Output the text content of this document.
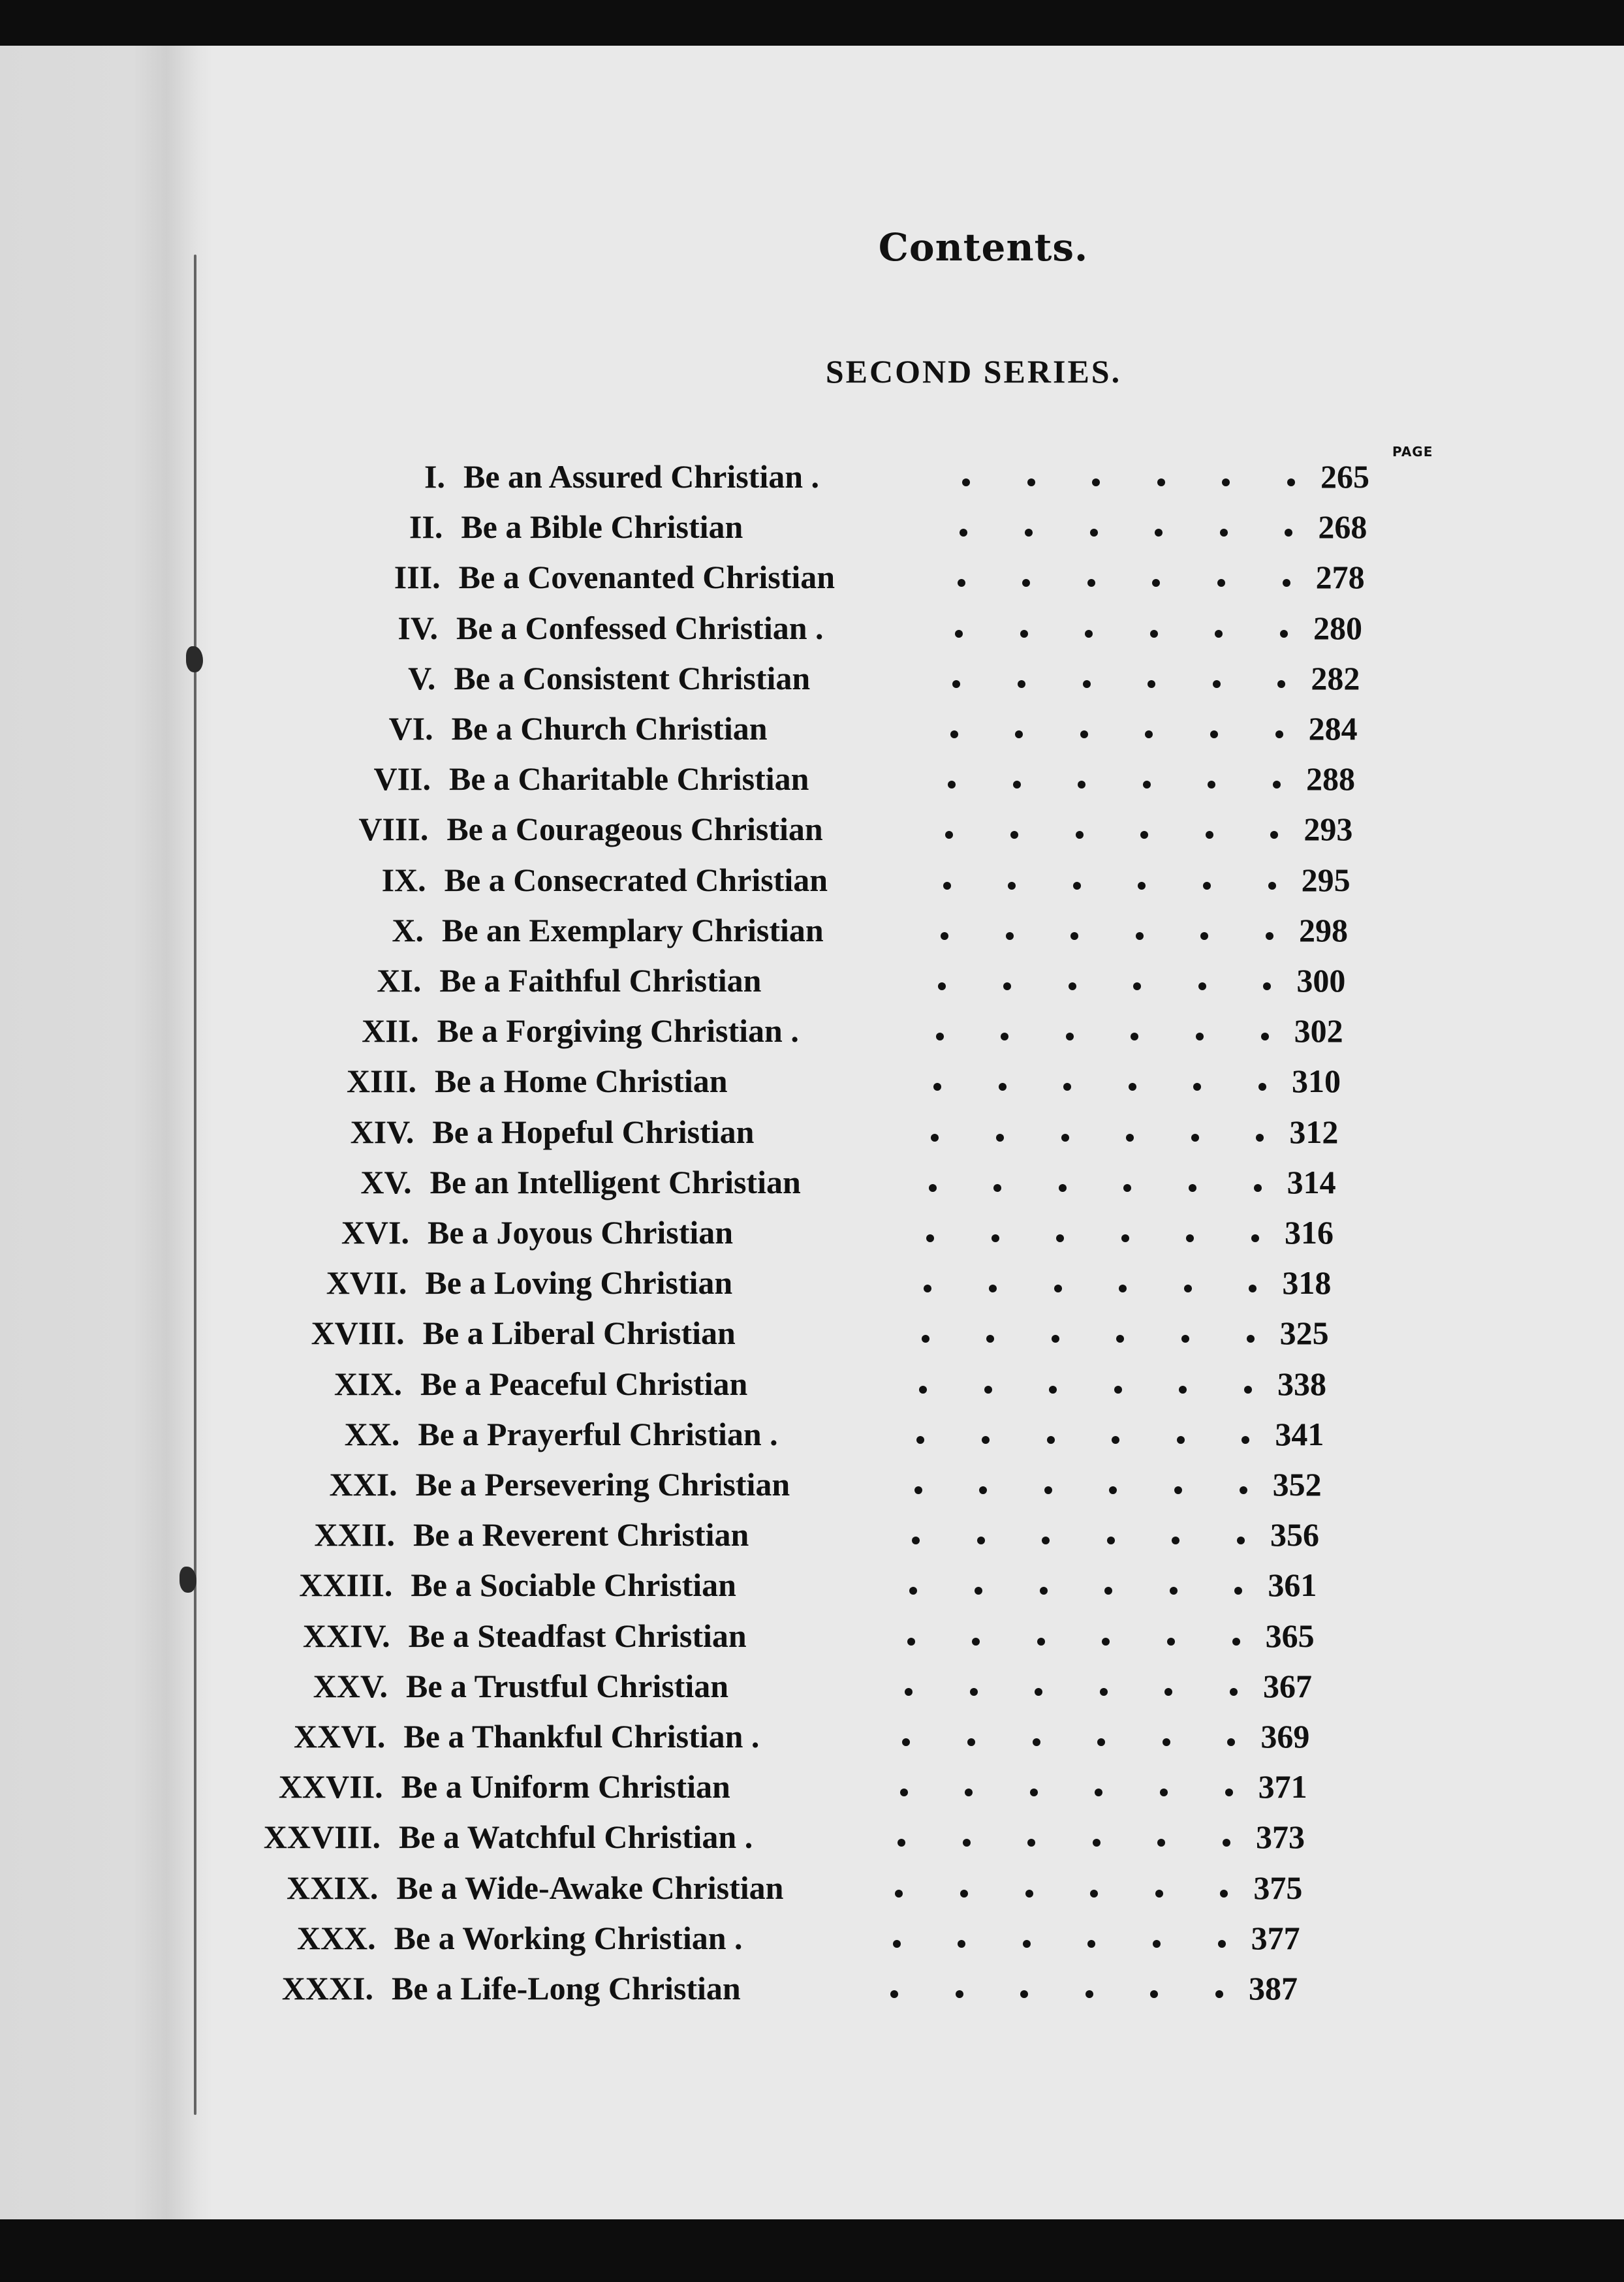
Contents.
SECOND SERIES.
PAGE
I. Be an Assured Christian .	265
II. Be a Bible Christian	268
III. Be a Covenanted Christian	278
IV. Be a Confessed Christian .	280
V. Be a Consistent Christian	282
VI. Be a Church Christian	284
VII. Be a Charitable Christian	288
VIII. Be a Courageous Christian	293
IX. Be a Consecrated Christian	295
X. Be an Exemplary Christian	298
XI. Be a Faithful Christian	300
XII. Be a Forgiving Christian .	302
XIII. Be a Home Christian	310
XIV. Be a Hopeful Christian	312
XV. Be an Intelligent Christian	314
XVI. Be a Joyous Christian	316
XVII. Be a Loving Christian	318
XVIII. Be a Liberal Christian	325
XIX. Be a Peaceful Christian	338
XX. Be a Prayerful Christian .	341
XXI. Be a Persevering Christian	352
XXII. Be a Reverent Christian	356
XXIII. Be a Sociable Christian	361
XXIV. Be a Steadfast Christian	365
XXV. Be a Trustful Christian	367
XXVI. Be a Thankful Christian .	369
XXVII. Be a Uniform Christian	371
XXVIII. Be a Watchful Christian .	373
XXIX. Be a Wide-Awake Christian	375
XXX. Be a Working Christian .	377
XXXI. Be a Life-Long Christian	387
